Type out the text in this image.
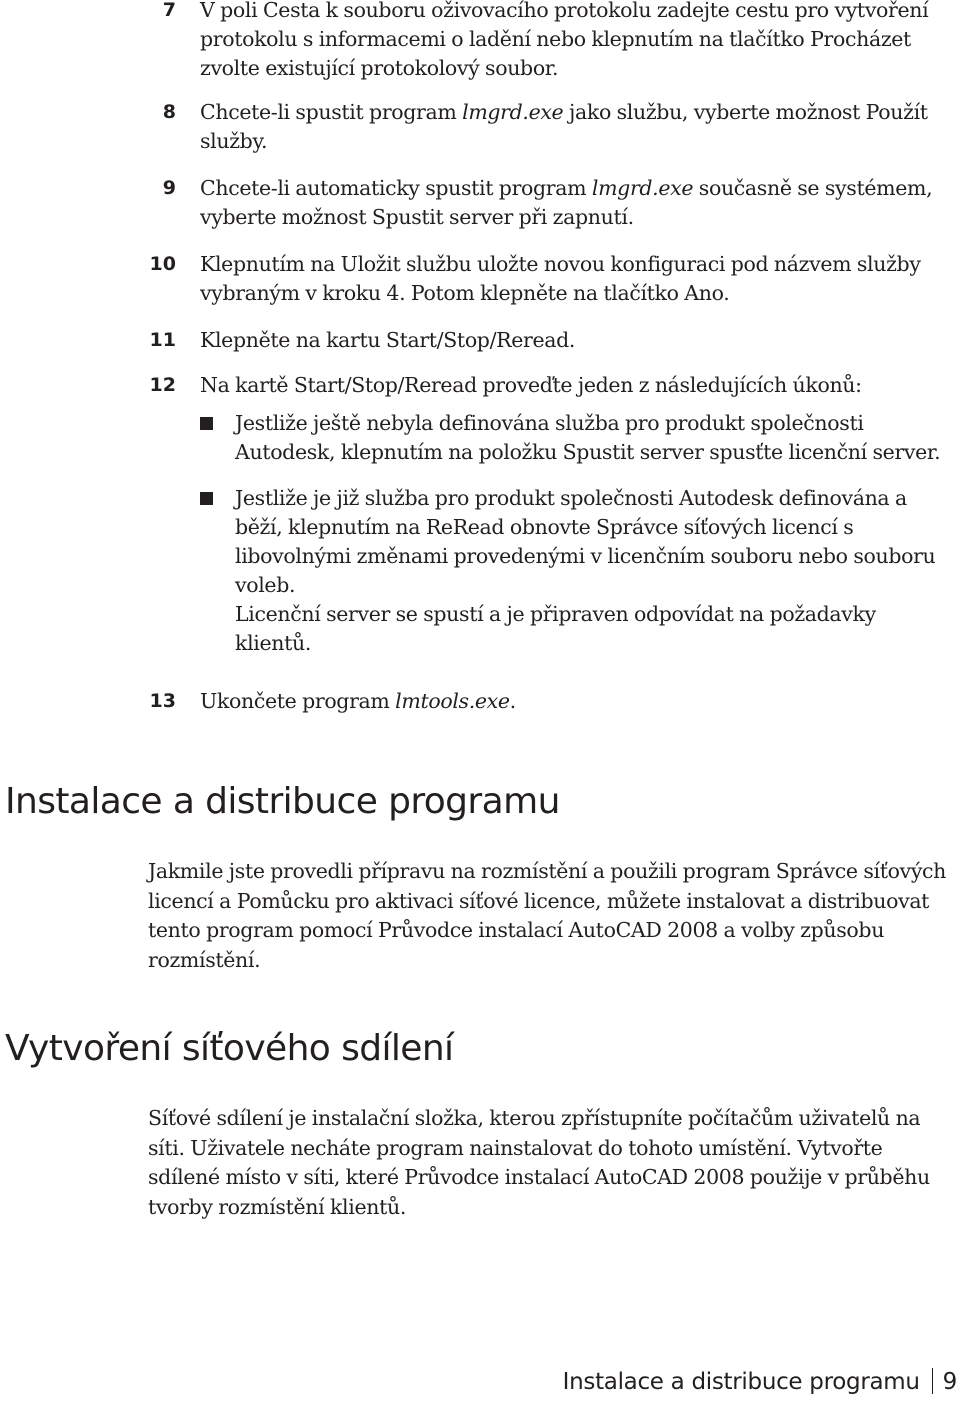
7 V poli Cesta k souboru oživovacího protokolu zadejte cestu pro vytvoření
protokolu s informacemi o ladění nebo klepnutím na tlačítko Procházet
zvolte existující protokolový soubor.
8 Chcete-li spustit program lmgrd.exe jako službu, vyberte možnost Použít
služby.
9 Chcete-li automaticky spustit program lmgrd.exe současně se systémem,
vyberte možnost Spustit server při zapnutí.
10 Klepnutím na Uložit službu uložte novou konfiguraci pod názvem služby
vybraným v kroku 4. Potom klepněte na tlačítko Ano.
11 Klepněte na kartu Start/Stop/Reread.
12 Na kartě Start/Stop/Reread proveďte jeden z následujících úkonů:
Jestliže ještě nebyla definována služba pro produkt společnosti
Autodesk, klepnutím na položku Spustit server spusťte licenční server.
Jestliže je již služba pro produkt společnosti Autodesk definována a
běží, klepnutím na ReRead obnovte Správce síťových licencí s
libovolnými změnami provedenými v licenčním souboru nebo souboru
voleb.
Licenční server se spustí a je připraven odpovídat na požadavky
klientů.
13 Ukončete program lmtools.exe.
Instalace a distribuce programu
Jakmile jste provedli přípravu na rozmístění a použili program Správce síťových
licencí a Pomůcku pro aktivaci síťové licence, můžete instalovat a distribuovat
tento program pomocí Průvodce instalací AutoCAD 2008 a volby způsobu
rozmístění.
Vytvoření síťového sdílení
Síťové sdílení je instalační složka, kterou zpřístupníte počítačům uživatelů na
síti. Uživatele necháte program nainstalovat do tohoto umístění. Vytvořte
sdílené místo v síti, které Průvodce instalací AutoCAD 2008 použije v průběhu
tvorby rozmístění klientů.
Instalace a distribuce programu 9
